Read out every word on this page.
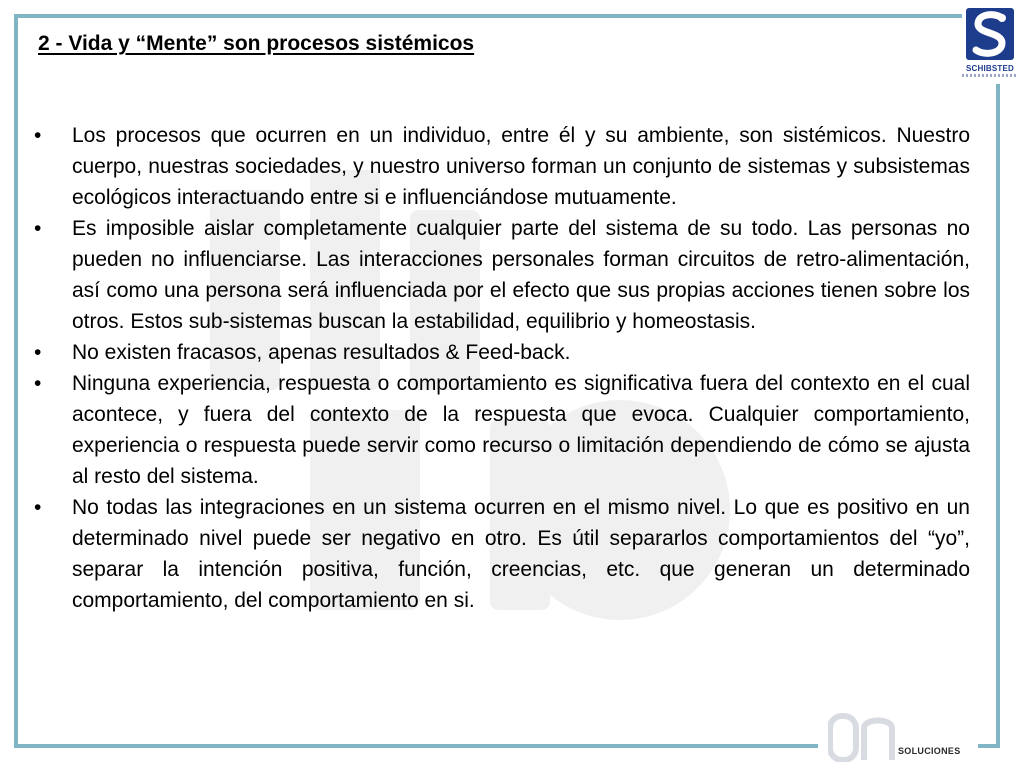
2 - Vida y “Mente” son procesos sistémicos
•	Los procesos que ocurren en un individuo, entre él y su ambiente, son sistémicos. Nuestro cuerpo, nuestras sociedades, y nuestro universo forman un conjunto de sistemas y subsistemas ecológicos interactuando entre si e influenciándose mutuamente.
•	Es imposible aislar completamente cualquier parte del sistema de su todo. Las personas no pueden no influenciarse. Las interacciones personales forman circuitos de retro-alimentación, así como una persona será influenciada por el efecto que sus propias acciones tienen sobre los otros. Estos sub-sistemas buscan la estabilidad, equilibrio y homeostasis.
•	No existen fracasos, apenas resultados & Feed-back.
•	Ninguna experiencia, respuesta o comportamiento es significativa fuera del contexto en el cual acontece, y fuera del contexto de la respuesta que evoca. Cualquier comportamiento, experiencia o respuesta puede servir como recurso o limitación dependiendo de cómo se ajusta al resto del sistema.
•	No todas las integraciones en un sistema ocurren en el mismo nivel. Lo que es positivo en un determinado nivel puede ser negativo en otro. Es útil separarlos comportamientos del “yo”, separar la intención positiva, función, creencias, etc. que generan un determinado comportamiento, del comportamiento en si.
SCHIBSTED
SOLUCIONES
